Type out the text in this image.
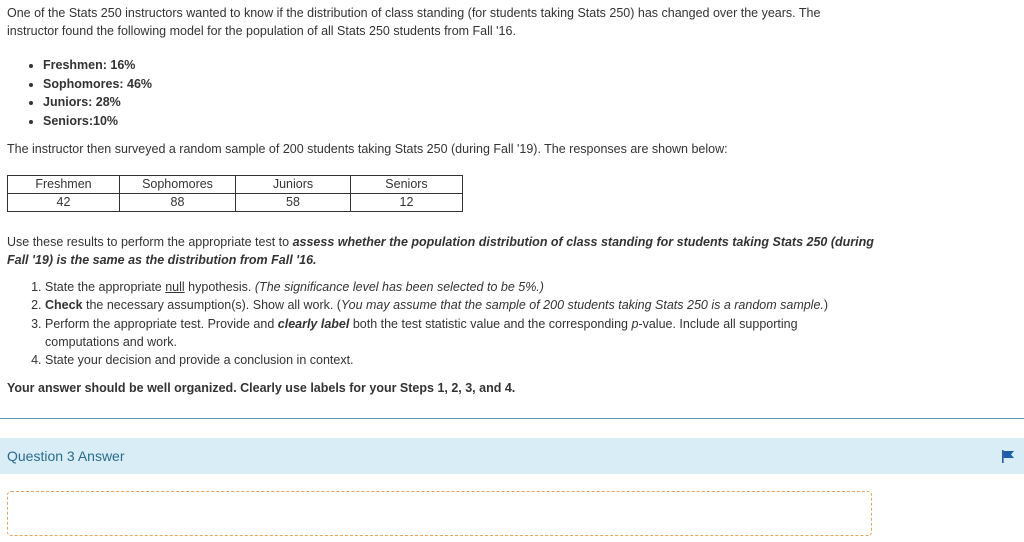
One of the Stats 250 instructors wanted to know if the distribution of class standing (for students taking Stats 250) has changed over the years. The instructor found the following model for the population of all Stats 250 students from Fall '16.

• Freshmen: 16%
• Sophomores: 46%
• Juniors: 28%
• Seniors:10%

The instructor then surveyed a random sample of 200 students taking Stats 250 (during Fall '19). The responses are shown below:

Freshmen	Sophomores	Juniors	Seniors
42	88	58	12

Use these results to perform the appropriate test to assess whether the population distribution of class standing for students taking Stats 250 (during Fall '19) is the same as the distribution from Fall '16.

1. State the appropriate null hypothesis. (The significance level has been selected to be 5%.)
2. Check the necessary assumption(s). Show all work. (You may assume that the sample of 200 students taking Stats 250 is a random sample.)
3. Perform the appropriate test. Provide and clearly label both the test statistic value and the corresponding p-value. Include all supporting computations and work.
4. State your decision and provide a conclusion in context.

Your answer should be well organized. Clearly use labels for your Steps 1, 2, 3, and 4.

Question 3 Answer
